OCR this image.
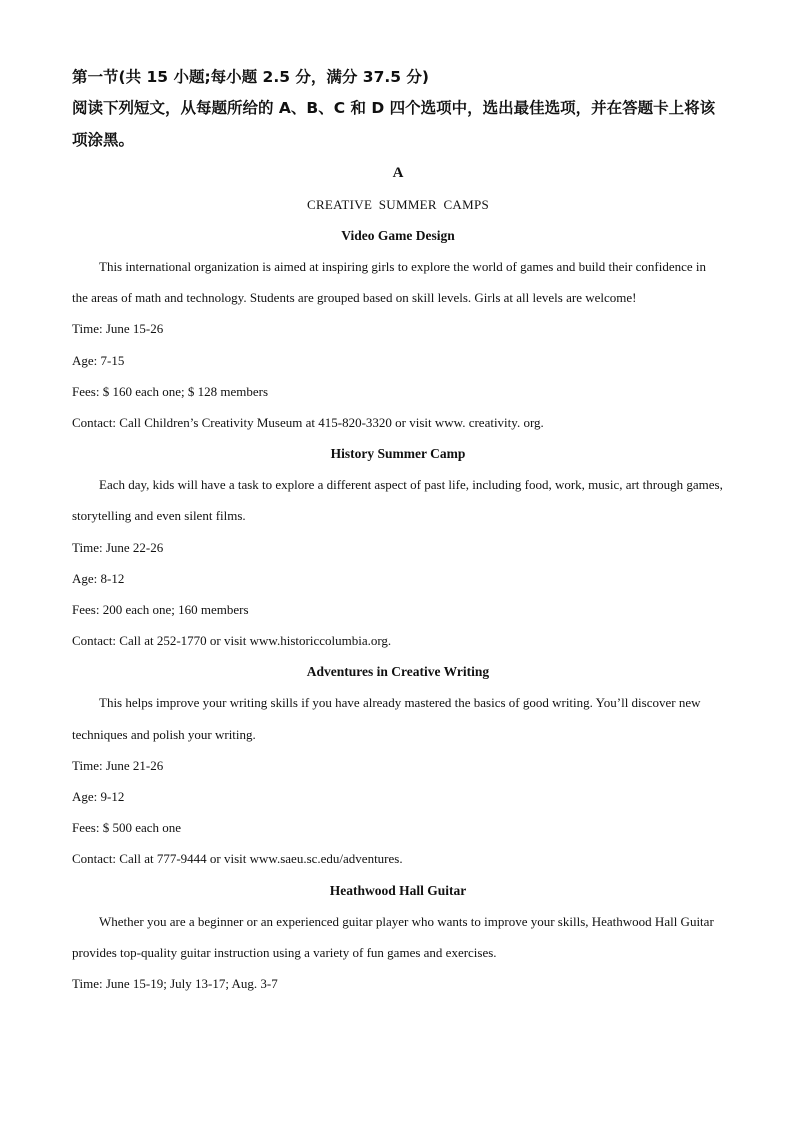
第一节(共 15 小题;每小题 2.5 分，满分 37.5 分)

阅读下列短文，从每题所给的 A、B、C 和 D 四个选项中，选出最佳选项，并在答题卡上将该项涂黑。

A

CREATIVE SUMMER CAMPS

Video Game Design

This international organization is aimed at inspiring girls to explore the world of games and build their confidence in the areas of math and technology. Students are grouped based on skill levels. Girls at all levels are welcome!

Time: June 15-26

Age: 7-15

Fees: $ 160 each one; $ 128 members

Contact: Call Children’s Creativity Museum at 415-820-3320 or visit www. creativity. org.

History Summer Camp

Each day, kids will have a task to explore a different aspect of past life, including food, work, music, art through games, storytelling and even silent films.

Time: June 22-26

Age: 8-12

Fees: 200 each one; 160 members

Contact: Call at 252-1770 or visit www.historiccolumbia.org.

Adventures in Creative Writing

This helps improve your writing skills if you have already mastered the basics of good writing. You’ll discover new techniques and polish your writing.

Time: June 21-26

Age: 9-12

Fees: $ 500 each one

Contact: Call at 777-9444 or visit www.saeu.sc.edu/adventures.

Heathwood Hall Guitar

Whether you are a beginner or an experienced guitar player who wants to improve your skills, Heathwood Hall Guitar provides top-quality guitar instruction using a variety of fun games and exercises.

Time: June 15-19; July 13-17; Aug. 3-7
